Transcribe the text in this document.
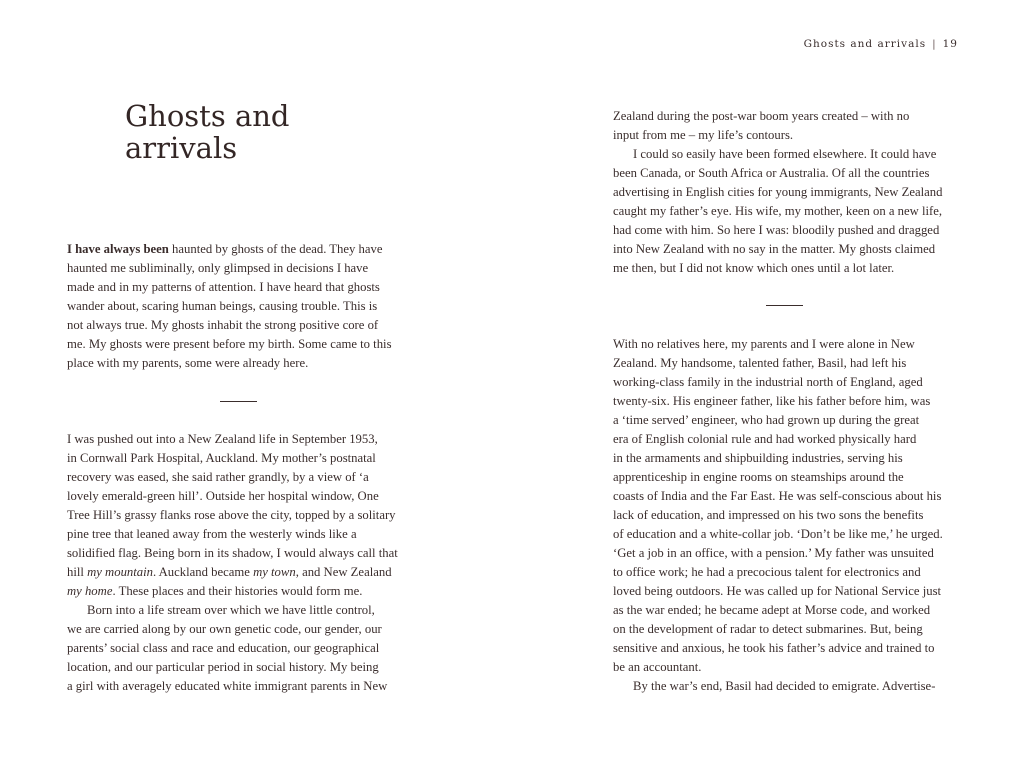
Ghosts and arrivals | 19
Ghosts and
arrivals

I have always been haunted by ghosts of the dead. They have
haunted me subliminally, only glimpsed in decisions I have
made and in my patterns of attention. I have heard that ghosts
wander about, scaring human beings, causing trouble. This is
not always true. My ghosts inhabit the strong positive core of
me. My ghosts were present before my birth. Some came to this
place with my parents, some were already here.

I was pushed out into a New Zealand life in September 1953,
in Cornwall Park Hospital, Auckland. My mother’s postnatal
recovery was eased, she said rather grandly, by a view of ‘a
lovely emerald-green hill’. Outside her hospital window, One
Tree Hill’s grassy flanks rose above the city, topped by a solitary
pine tree that leaned away from the westerly winds like a
solidified flag. Being born in its shadow, I would always call that
hill my mountain. Auckland became my town, and New Zealand
my home. These places and their histories would form me.

Born into a life stream over which we have little control,
we are carried along by our own genetic code, our gender, our
parents’ social class and race and education, our geographical
location, and our particular period in social history. My being
a girl with averagely educated white immigrant parents in New

Zealand during the post-war boom years created – with no
input from me – my life’s contours.

I could so easily have been formed elsewhere. It could have
been Canada, or South Africa or Australia. Of all the countries
advertising in English cities for young immigrants, New Zealand
caught my father’s eye. His wife, my mother, keen on a new life,
had come with him. So here I was: bloodily pushed and dragged
into New Zealand with no say in the matter. My ghosts claimed
me then, but I did not know which ones until a lot later.

With no relatives here, my parents and I were alone in New
Zealand. My handsome, talented father, Basil, had left his
working-class family in the industrial north of England, aged
twenty-six. His engineer father, like his father before him, was
a ‘time served’ engineer, who had grown up during the great
era of English colonial rule and had worked physically hard
in the armaments and shipbuilding industries, serving his
apprenticeship in engine rooms on steamships around the
coasts of India and the Far East. He was self-conscious about his
lack of education, and impressed on his two sons the benefits
of education and a white-collar job. ‘Don’t be like me,’ he urged.
‘Get a job in an office, with a pension.’ My father was unsuited
to office work; he had a precocious talent for electronics and
loved being outdoors. He was called up for National Service just
as the war ended; he became adept at Morse code, and worked
on the development of radar to detect submarines. But, being
sensitive and anxious, he took his father’s advice and trained to
be an accountant.

By the war’s end, Basil had decided to emigrate. Advertise-
